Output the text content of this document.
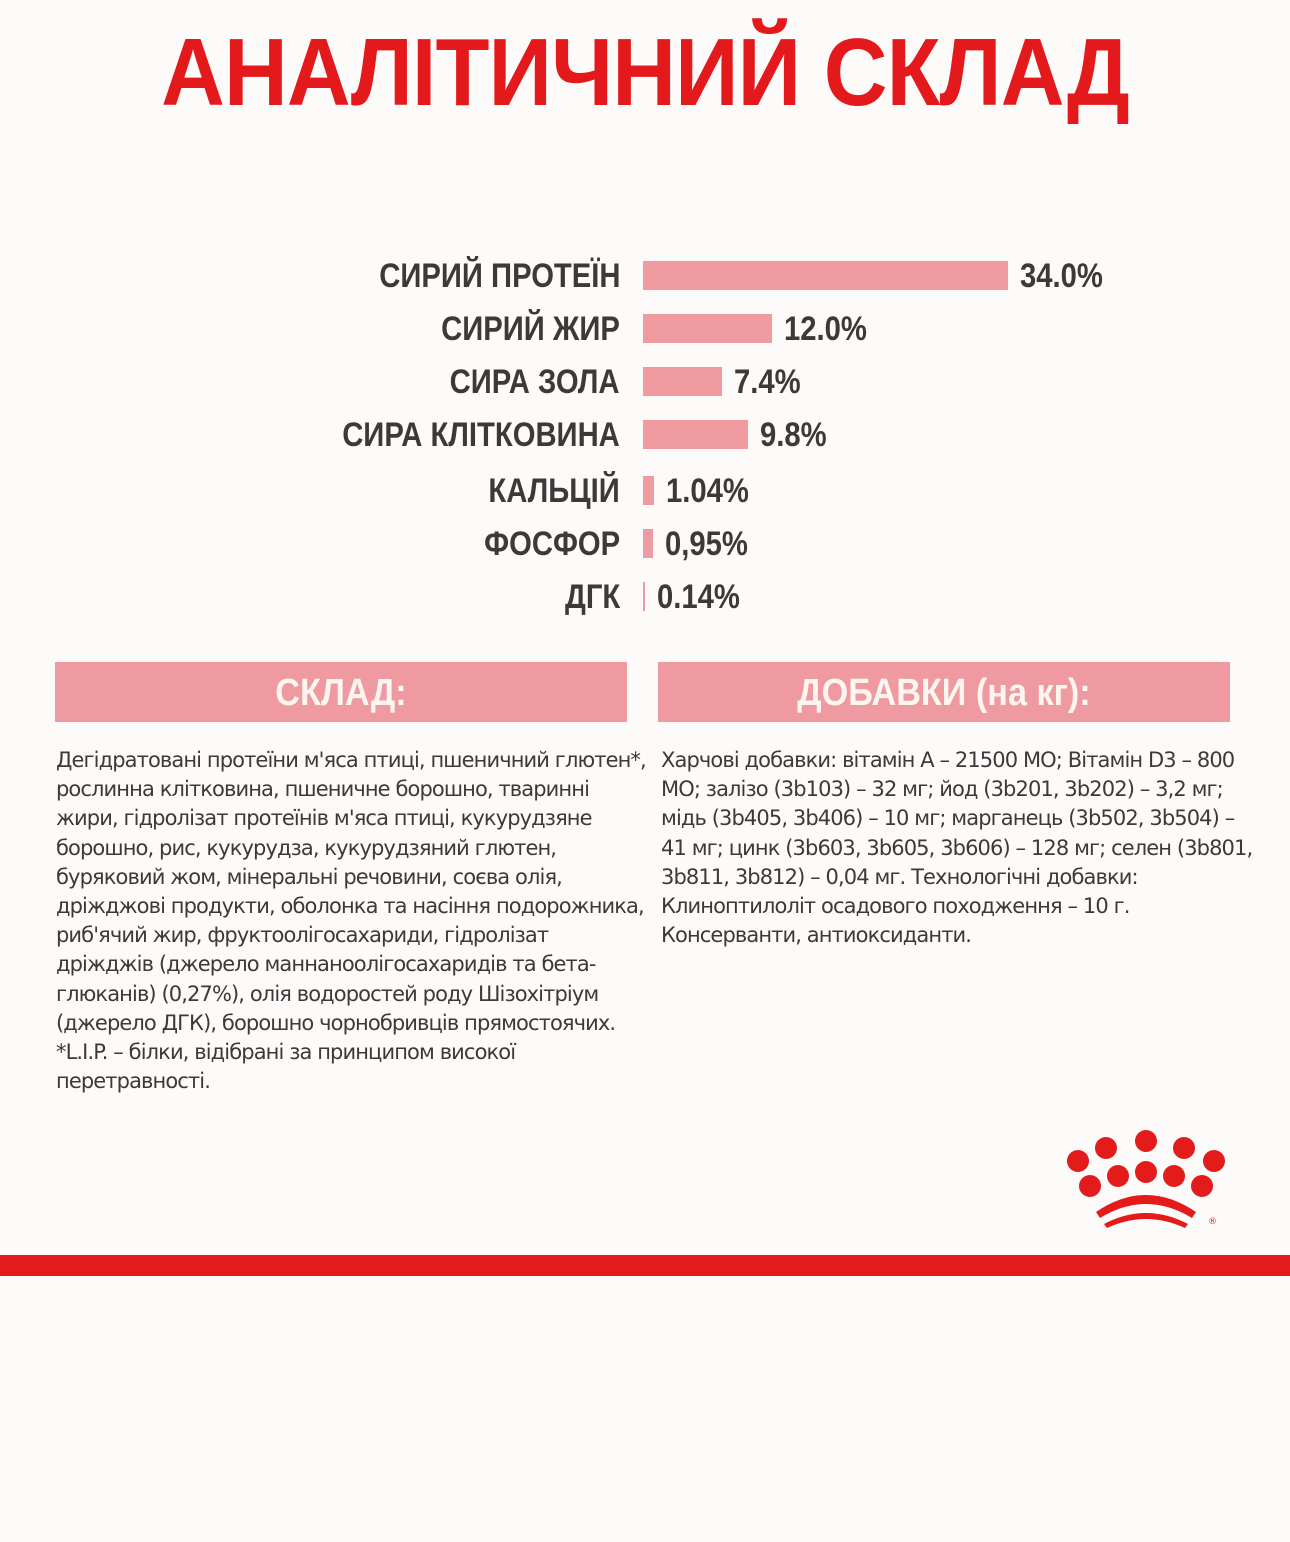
АНАЛІТИЧНИЙ СКЛАД
СИРИЙ ПРОТЕЇН	34.0%
СИРИЙ ЖИР	12.0%
СИРА ЗОЛА	7.4%
СИРА КЛІТКОВИНА	9.8%
КАЛЬЦІЙ 1.04%
ФОСФОР 0,95%
ДГК 0.14%
СКЛАД:	ДОБАВКИ (на кг):
Дегідратовані протеїни м'яса птиці, пшеничний глютен*,
рослинна клітковина, пшеничне борошно, тваринні
жири, гідролізат протеїнів м'яса птиці, кукурудзяне
борошно, рис, кукурудза, кукурудзяний глютен,
буряковий жом, мінеральні речовини, соєва олія,
дріжджові продукти, оболонка та насіння подорожника,
риб'ячий жир, фруктоолігосахариди, гідролізат
дріжджів (джерело маннаноолігосахаридів та бета-
глюканів) (0,27%), олія водоростей роду Шізохітріум
(джерело ДГК), борошно чорнобривців прямостоячих.
*L.I.P. – білки, відібрані за принципом високої
перетравності.
Харчові добавки: вітамін А – 21500 МО; Вітамін D3 – 800
МО; залізо (3b103) – 32 мг; йод (3b201, 3b202) – 3,2 мг;
мідь (3b405, 3b406) – 10 мг; марганець (3b502, 3b504) –
41 мг; цинк (3b603, 3b605, 3b606) – 128 мг; селен (3b801,
3b811, 3b812) – 0,04 мг. Технологічні добавки:
Клиноптилоліт осадового походження – 10 г.
Консерванти, антиоксиданти.
®
